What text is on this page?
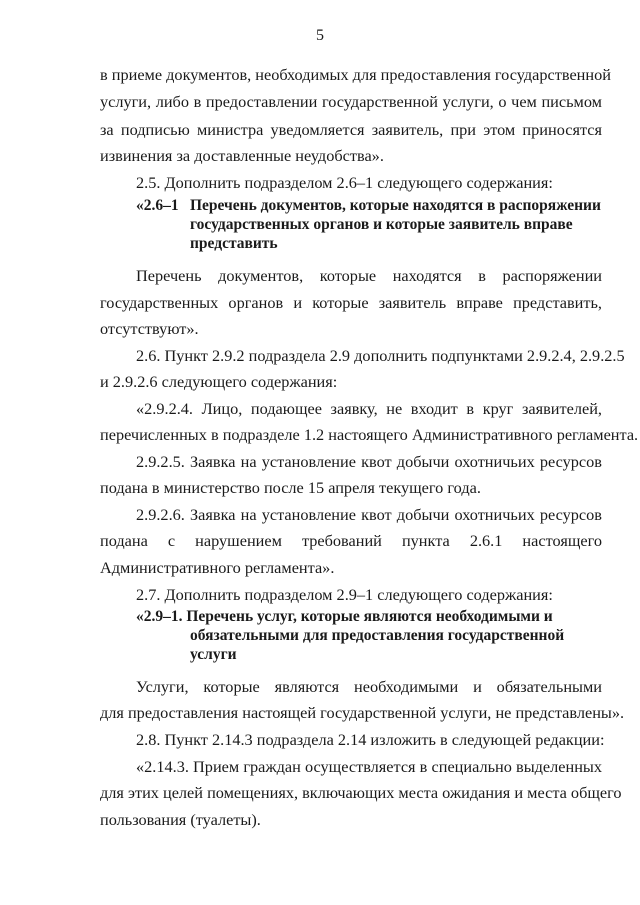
5
в приеме документов, необходимых для предоставления государственной
услуги, либо в предоставлении государственной услуги, о чем письмом
за подписью министра уведомляется заявитель, при этом приносятся
извинения за доставленные неудобства».
2.5. Дополнить подразделом 2.6–1 следующего содержания:
«2.6–1 Перечень документов, которые находятся в распоряжении
государственных органов и которые заявитель вправе
представить
Перечень документов, которые находятся в распоряжении
государственных органов и которые заявитель вправе представить,
отсутствуют».
2.6. Пункт 2.9.2 подраздела 2.9 дополнить подпунктами 2.9.2.4, 2.9.2.5
и 2.9.2.6 следующего содержания:
«2.9.2.4. Лицо, подающее заявку, не входит в круг заявителей,
перечисленных в подразделе 1.2 настоящего Административного регламента.
2.9.2.5. Заявка на установление квот добычи охотничьих ресурсов
подана в министерство после 15 апреля текущего года.
2.9.2.6. Заявка на установление квот добычи охотничьих ресурсов
подана с нарушением требований пункта 2.6.1 настоящего
Административного регламента».
2.7. Дополнить подразделом 2.9–1 следующего содержания:
«2.9–1. Перечень услуг, которые являются необходимыми и
обязательными для предоставления государственной
услуги
Услуги, которые являются необходимыми и обязательными
для предоставления настоящей государственной услуги, не представлены».
2.8. Пункт 2.14.3 подраздела 2.14 изложить в следующей редакции:
«2.14.3. Прием граждан осуществляется в специально выделенных
для этих целей помещениях, включающих места ожидания и места общего
пользования (туалеты).
